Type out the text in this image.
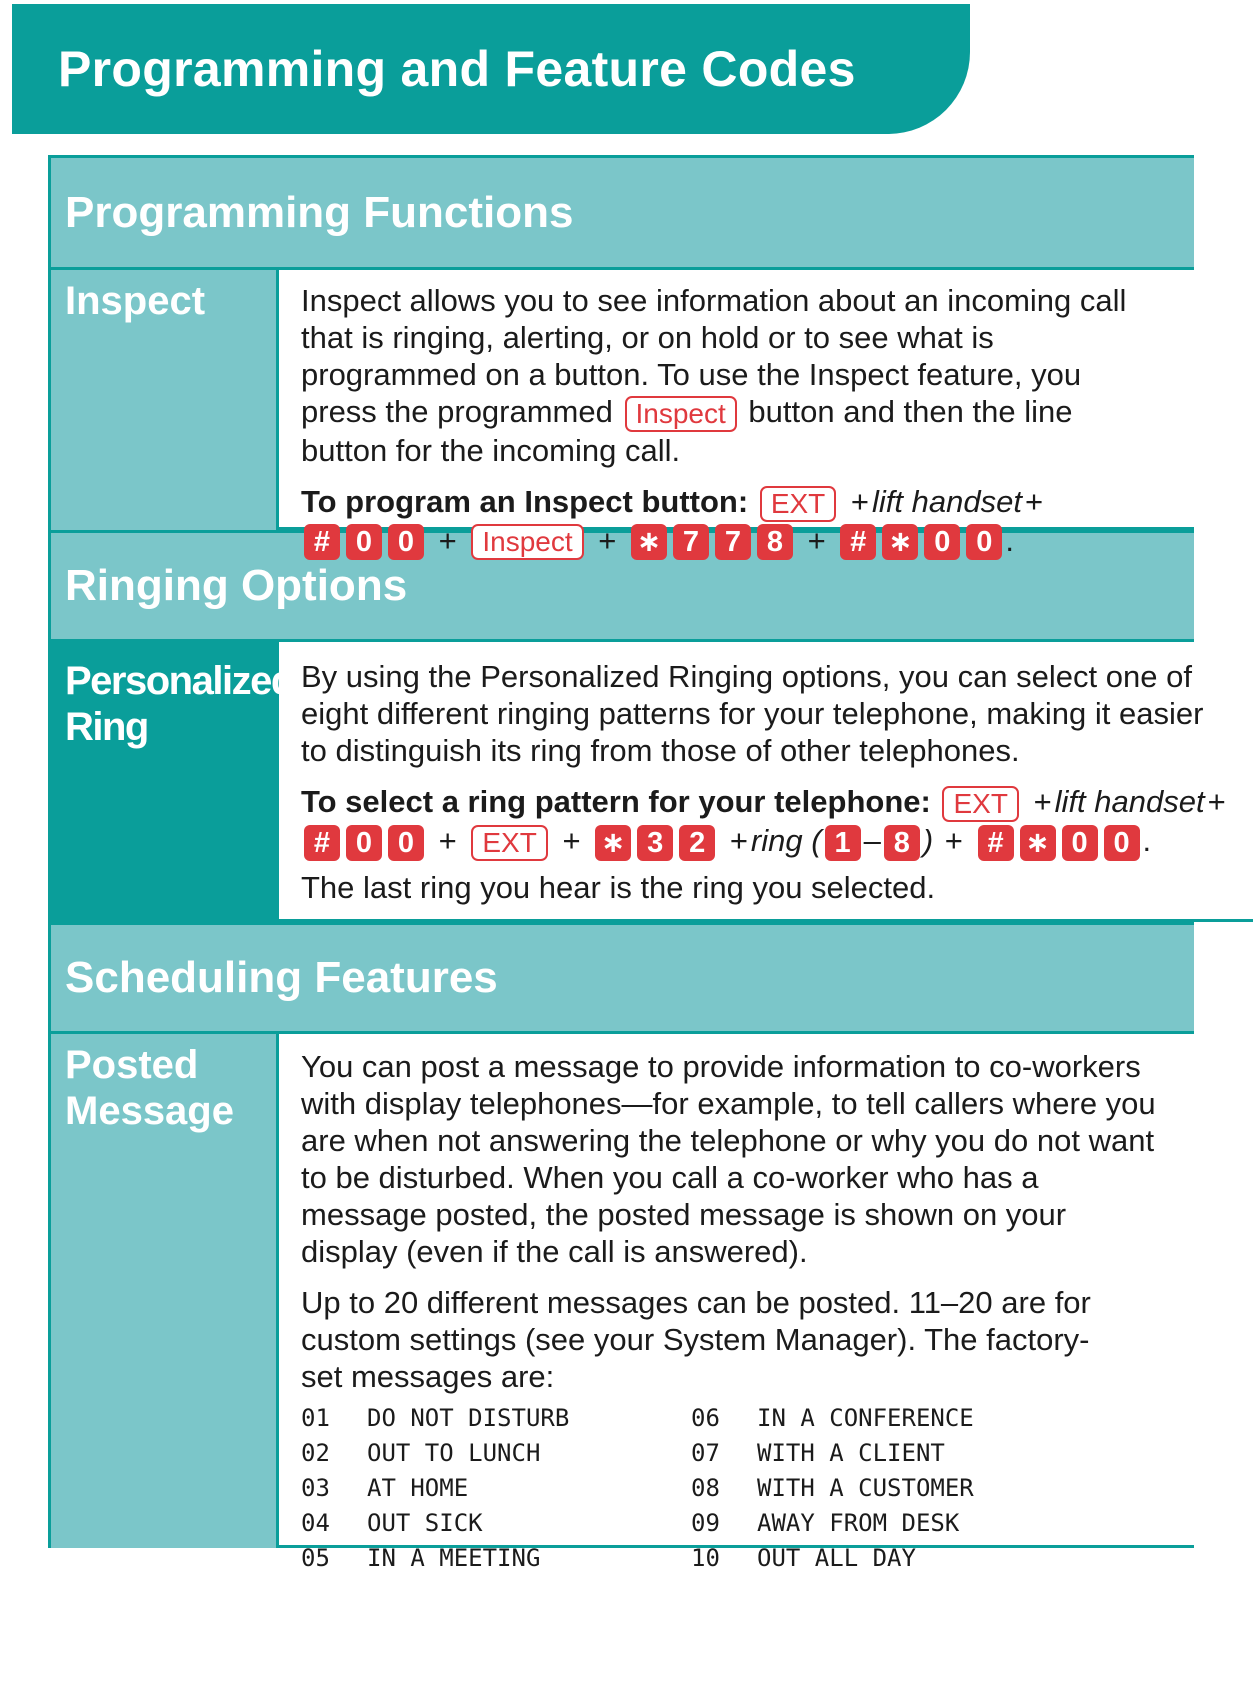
Programming and Feature Codes
Programming Functions
Inspect	Inspect allows you to see information about an incoming call that is ringing, alerting, or on hold or to see what is programmed on a button. To use the Inspect feature, you press the programmed Inspect button and then the line button for the incoming call.

To program an Inspect button: EXT +lift handset+
# 0 0 + Inspect + ∗ 7 7 8 + # ∗ 0 0 .

Ringing Options
Personalized Ring

By using the Personalized Ringing options, you can select one of eight different ringing patterns for your telephone, making it easier to distinguish its ring from those of other telephones.

To select a ring pattern for your telephone: EXT +lift handset+
# 0 0 + EXT + ∗ 3 2 +ring ( 1 – 8 ) + # ∗ 0 0 .

The last ring you hear is the ring you selected.

Scheduling Features
Posted Message

You can post a message to provide information to co-workers with display telephones—for example, to tell callers where you are when not answering the telephone or why you do not want to be disturbed. When you call a co-worker who has a message posted, the posted message is shown on your display (even if the call is answered).

Up to 20 different messages can be posted. 11–20 are for custom settings (see your System Manager). The factory-set messages are:

01	DO NOT DISTURB
02	OUT TO LUNCH
03	AT HOME
04	OUT SICK
05	IN A MEETING
06	IN A CONFERENCE
07	WITH A CLIENT
08	WITH A CUSTOMER
09	AWAY FROM DESK
10	OUT ALL DAY
